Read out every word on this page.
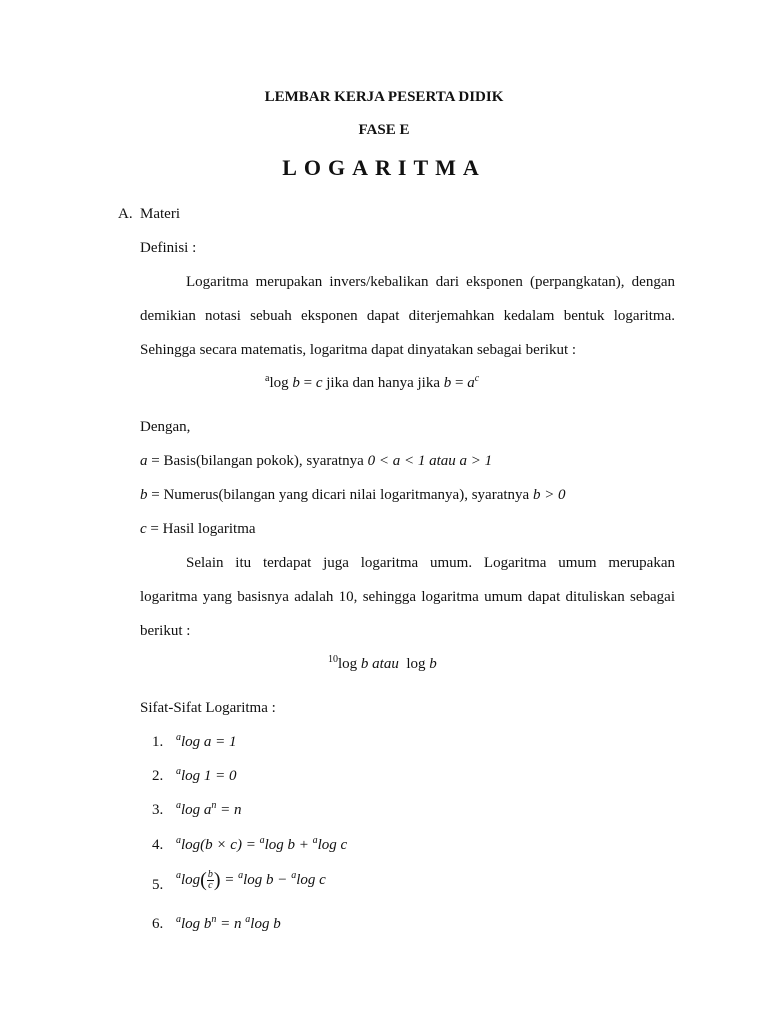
LEMBAR KERJA PESERTA DIDIK
FASE E
LOGARITMA
A. Materi
Definisi :
Logaritma merupakan invers/kebalikan dari eksponen (perpangkatan), dengan
demikian notasi sebuah eksponen dapat diterjemahkan kedalam bentuk logaritma.
Sehingga secara matematis, logaritma dapat dinyatakan sebagai berikut :
$^a$log b = c jika dan hanya jika $b = a^c$
Dengan,
a = Basis(bilangan pokok), syaratnya 0 < a < 1 atau a > 1
b = Numerus(bilangan yang dicari nilai logaritmanya), syaratnya b > 0
c = Hasil logaritma
Selain itu terdapat juga logaritma umum. Logaritma umum merupakan
logaritma yang basisnya adalah 10, sehingga logaritma umum dapat dituliskan sebagai
berikut :
$^{10}$log b atau log b
Sifat-Sifat Logaritma :
1. $^a$log a = 1
2. $^a$log 1 = 0
3. $^a$log $a^n = n$
4. $^a$log(b × c) = $^a$log b + $^a$log c
5.
$^a\log( \frac{b}{c}$ ) = $^a$log b − $^a$log c
6. $^a$log $b^n = n$ $^a$log b
